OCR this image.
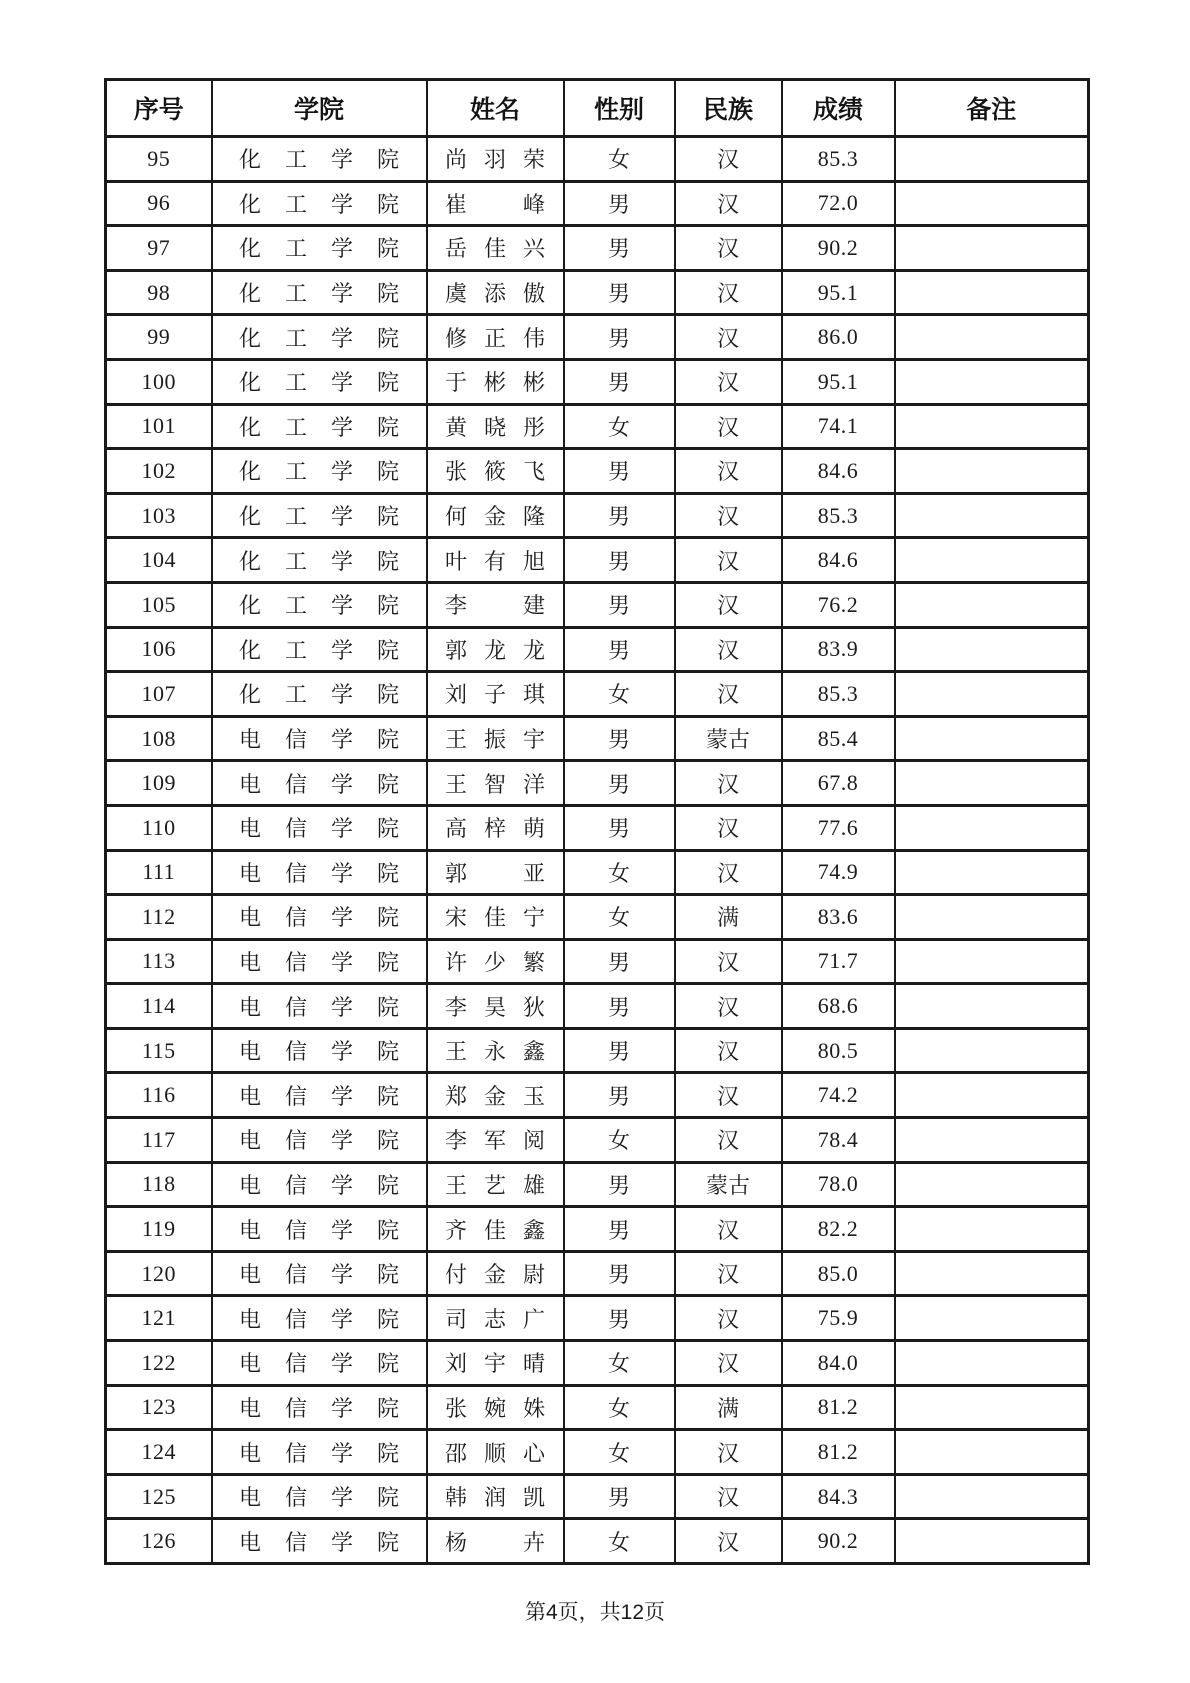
序号	学院	姓名	性别	民族	成绩	备注
95	化工学院	尚羽荣	女	汉	85.3	
96	化工学院	崔峰	男	汉	72.0	
97	化工学院	岳佳兴	男	汉	90.2	
98	化工学院	虞添傲	男	汉	95.1	
99	化工学院	修正伟	男	汉	86.0	
100	化工学院	于彬彬	男	汉	95.1	
101	化工学院	黄晓彤	女	汉	74.1	
102	化工学院	张筱飞	男	汉	84.6	
103	化工学院	何金隆	男	汉	85.3	
104	化工学院	叶有旭	男	汉	84.6	
105	化工学院	李建	男	汉	76.2	
106	化工学院	郭龙龙	男	汉	83.9	
107	化工学院	刘子琪	女	汉	85.3	
108	电信学院	王振宇	男	蒙古	85.4	
109	电信学院	王智洋	男	汉	67.8	
110	电信学院	高梓萌	男	汉	77.6	
111	电信学院	郭亚	女	汉	74.9	
112	电信学院	宋佳宁	女	满	83.6	
113	电信学院	许少繁	男	汉	71.7	
114	电信学院	李昊狄	男	汉	68.6	
115	电信学院	王永鑫	男	汉	80.5	
116	电信学院	郑金玉	男	汉	74.2	
117	电信学院	李军阅	女	汉	78.4	
118	电信学院	王艺雄	男	蒙古	78.0	
119	电信学院	齐佳鑫	男	汉	82.2	
120	电信学院	付金尉	男	汉	85.0	
121	电信学院	司志广	男	汉	75.9	
122	电信学院	刘宇晴	女	汉	84.0	
123	电信学院	张婉姝	女	满	81.2	
124	电信学院	邵顺心	女	汉	81.2	
125	电信学院	韩润凯	男	汉	84.3	
126	电信学院	杨卉	女	汉	90.2	
第4页，共12页
